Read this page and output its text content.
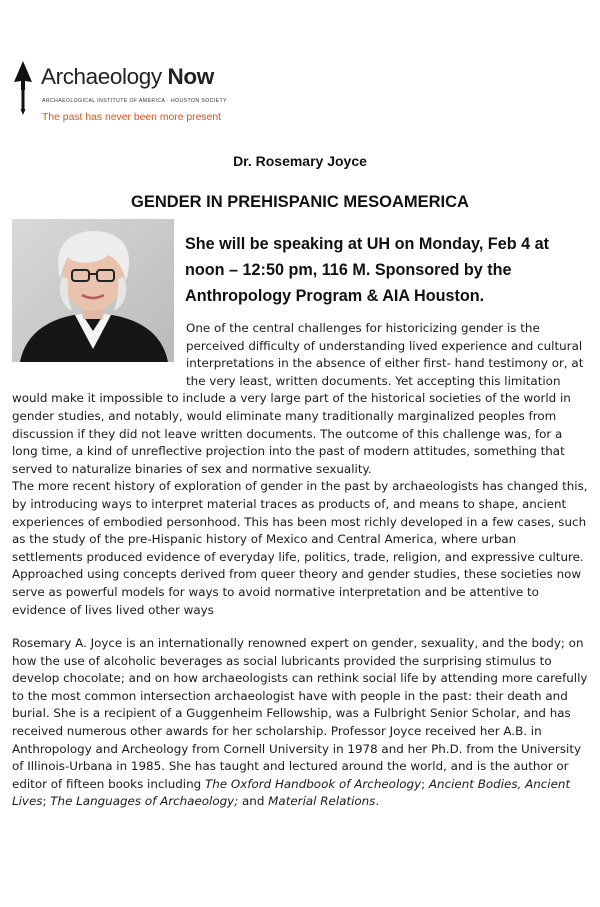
Archaeology Now
ARCHAEOLOGICAL INSTITUTE OF AMERICA · HOUSTON SOCIETY
The past has never been more present
Dr. Rosemary Joyce
GENDER IN PREHISPANIC MESOAMERICA

She will be speaking at UH on Monday, Feb 4 at noon – 12:50 pm, 116 M. Sponsored by the Anthropology Program & AIA Houston.

One of the central challenges for historicizing gender is the perceived difficulty of understanding lived experience and cultural interpretations in the absence of either first- hand testimony or, at the very least, written documents. Yet accepting this limitation would make it impossible to include a very large part of the historical societies of the world in gender studies, and notably, would eliminate many traditionally marginalized peoples from discussion if they did not leave written documents. The outcome of this challenge was, for a long time, a kind of unreflective projection into the past of modern attitudes, something that served to naturalize binaries of sex and normative sexuality.

The more recent history of exploration of gender in the past by archaeologists has changed this, by introducing ways to interpret material traces as products of, and means to shape, ancient experiences of embodied personhood. This has been most richly developed in a few cases, such as the study of the pre-Hispanic history of Mexico and Central America, where urban settlements produced evidence of everyday life, politics, trade, religion, and expressive culture. Approached using concepts derived from queer theory and gender studies, these societies now serve as powerful models for ways to avoid normative interpretation and be attentive to evidence of lives lived other ways

Rosemary A. Joyce is an internationally renowned expert on gender, sexuality, and the body; on how the use of alcoholic beverages as social lubricants provided the surprising stimulus to develop chocolate; and on how archaeologists can rethink social life by attending more carefully to the most common intersection archaeologist have with people in the past: their death and burial. She is a recipient of a Guggenheim Fellowship, was a Fulbright Senior Scholar, and has received numerous other awards for her scholarship. Professor Joyce received her A.B. in Anthropology and Archeology from Cornell University in 1978 and her Ph.D. from the University of Illinois-Urbana in 1985. She has taught and lectured around the world, and is the author or editor of fifteen books including The Oxford Handbook of Archeology; Ancient Bodies, Ancient Lives; The Languages of Archaeology; and Material Relations.
